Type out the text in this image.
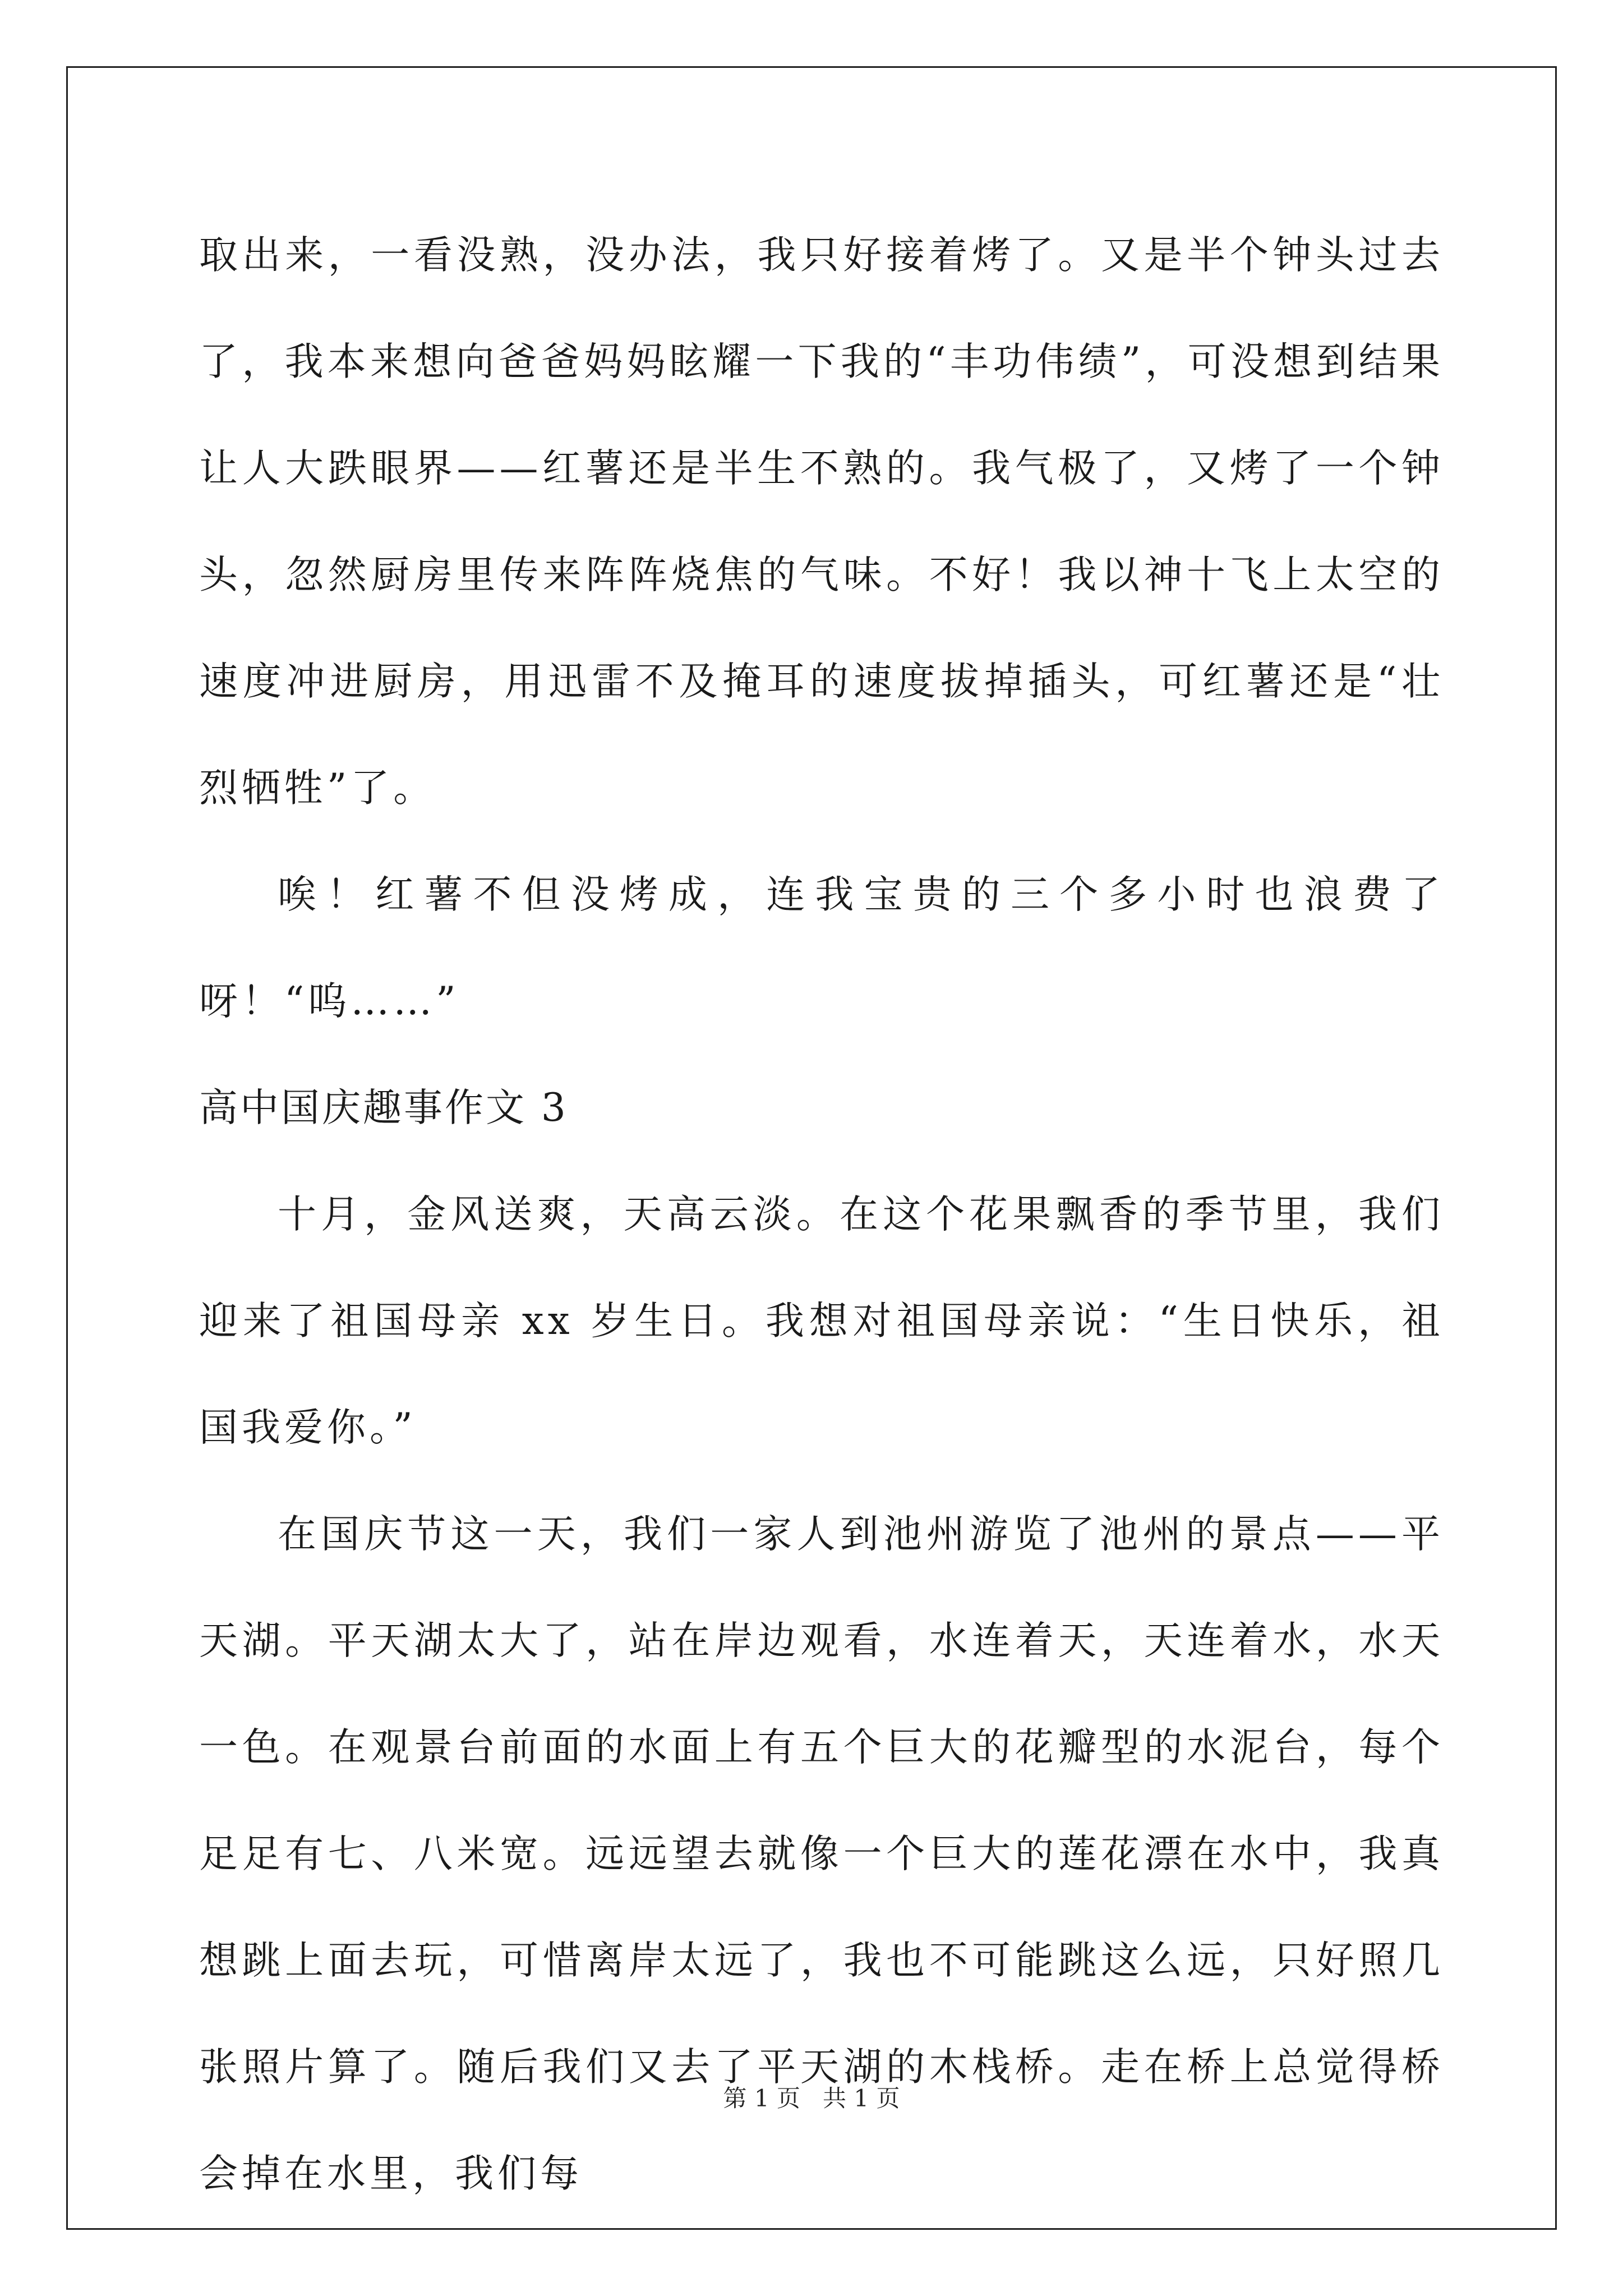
取出来，一看没熟，没办法，我只好接着烤了。又是半个钟头过去了，我本来想向爸爸妈妈眩耀一下我的“丰功伟绩”，可没想到结果让人大跌眼界——红薯还是半生不熟的。我气极了，又烤了一个钟头，忽然厨房里传来阵阵烧焦的气味。不好！我以神十飞上太空的速度冲进厨房，用迅雷不及掩耳的速度拔掉插头，可红薯还是“壮烈牺牲”了。

唉！红薯不但没烤成，连我宝贵的三个多小时也浪费了呀！“呜……”

高中国庆趣事作文 3

十月，金风送爽，天高云淡。在这个花果飘香的季节里，我们迎来了祖国母亲 xx 岁生日。我想对祖国母亲说：“生日快乐，祖国我爱你。”

在国庆节这一天，我们一家人到池州游览了池州的景点——平天湖。平天湖太大了，站在岸边观看，水连着天，天连着水，水天一色。在观景台前面的水面上有五个巨大的花瓣型的水泥台，每个足足有七、八米宽。远远望去就像一个巨大的莲花漂在水中，我真想跳上面去玩，可惜离岸太远了，我也不可能跳这么远，只好照几张照片算了。随后我们又去了平天湖的木栈桥。走在桥上总觉得桥会掉在水里，我们每

第 1 页 共 1 页
